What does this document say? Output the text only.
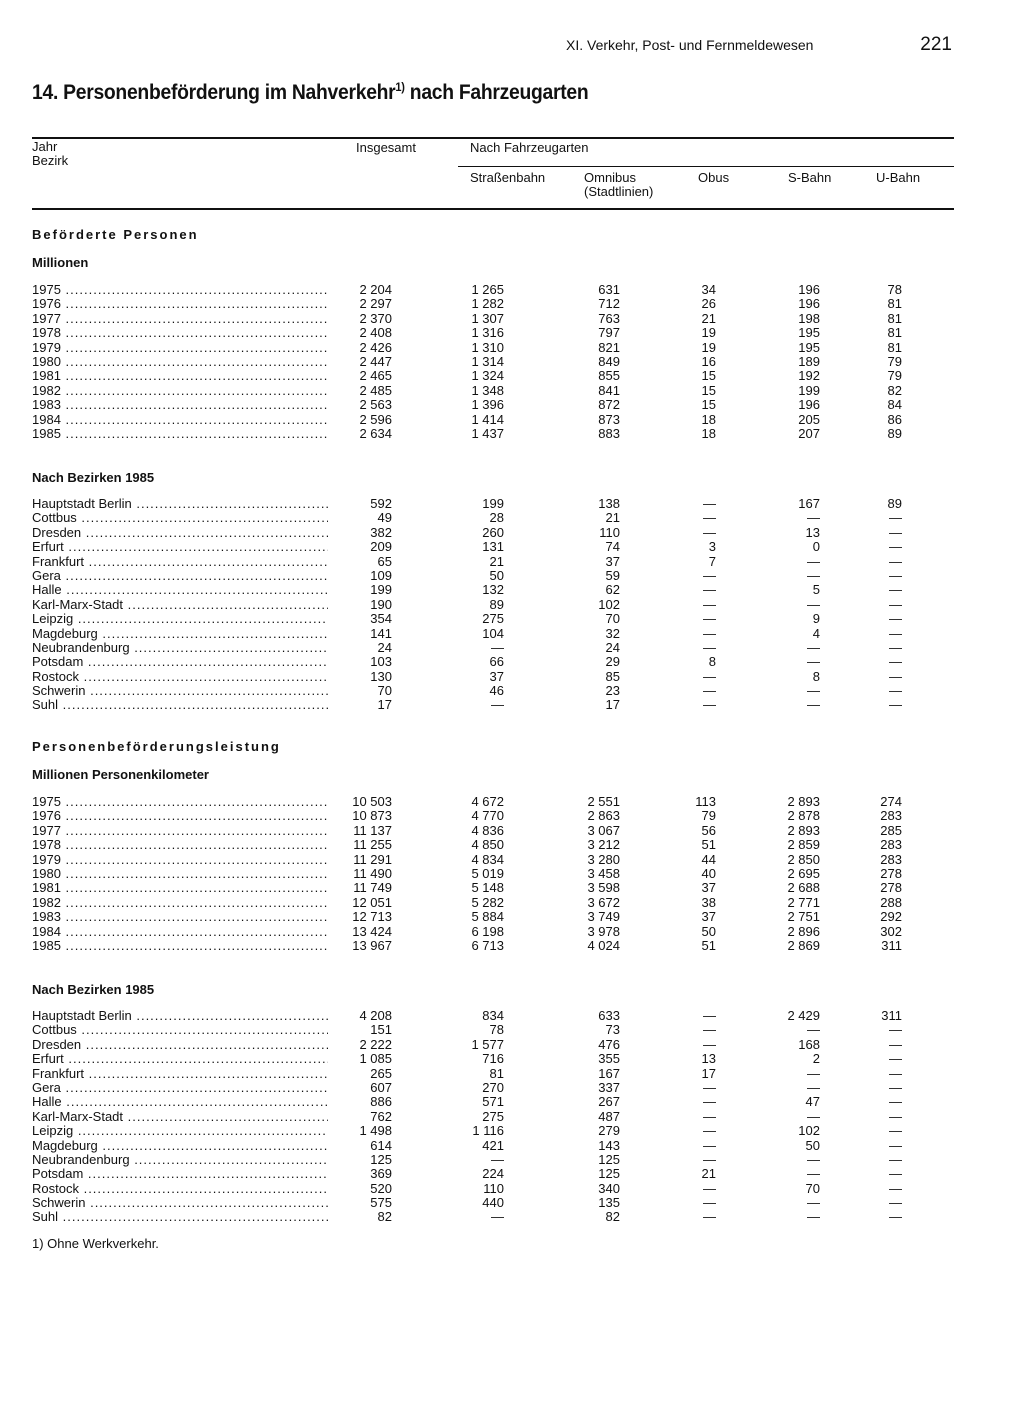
XI. Verkehr, Post- und Fernmeldewesen	221
14. Personenbeförderung im Nahverkehr$^{1)}$ nach Fahrzeugarten
Jahr
Bezirk
Insgesamt	Nach Fahrzeugarten
Straßenbahn	Omnibus
(Stadtlinien)
Obus	S-Bahn	U-Bahn
Beförderte Personen
Millionen
1975 .....	2 204	1 265	631	34	196	78
1976 .....	2 297	1 282	712	26	196	81
1977 .....	2 370	1 307	763	21	198	81
1978 .....	2 408	1 316	797	19	195	81
1979 .....	2 426	1 310	821	19	195	81
1980 .....	2 447	1 314	849	16	189	79
1981 .....	2 465	1 324	855	15	192	79
1982 .....	2 485	1 348	841	15	199	82
1983 .....	2 563	1 396	872	15	196	84
1984 .....	2 596	1 414	873	18	205	86
1985 .....	2 634	1 437	883	18	207	89
Nach Bezirken 1985
Hauptstadt Berlin .....	592	199	138	—	167	89
Cottbus .....	49	28	21	—	—	—
Dresden .....	382	260	110	—	13	—
Erfurt .....	209	131	74	3	0	—
Frankfurt .....	65	21	37	7	—	—
Gera .....	109	50	59	—	—	—
Halle .....	199	132	62	—	5	—
Karl-Marx-Stadt .....	190	89	102	—	—	—
Leipzig .....	354	275	70	—	9	—
Magdeburg .....	141	104	32	—	4	—
Neubrandenburg .....	24	—	24	—	—	—
Potsdam .....	103	66	29	8	—	—
Rostock .....	130	37	85	—	8	—
Schwerin .....	70	46	23	—	—	—
Suhl .....	17	—	17	—	—	—
Personenbeförderungsleistung
Millionen Personenkilometer
1975 .....	10 503	4 672	2 551	113	2 893	274
1976 .....	10 873	4 770	2 863	79	2 878	283
1977 .....	11 137	4 836	3 067	56	2 893	285
1978 .....	11 255	4 850	3 212	51	2 859	283
1979 .....	11 291	4 834	3 280	44	2 850	283
1980 .....	11 490	5 019	3 458	40	2 695	278
1981 .....	11 749	5 148	3 598	37	2 688	278
1982 .....	12 051	5 282	3 672	38	2 771	288
1983 .....	12 713	5 884	3 749	37	2 751	292
1984 .....	13 424	6 198	3 978	50	2 896	302
1985 .....	13 967	6 713	4 024	51	2 869	311
Nach Bezirken 1985
Hauptstadt Berlin .....	4 208	834	633	—	2 429	311
Cottbus .....	151	78	73	—	—	—
Dresden .....	2 222	1 577	476	—	168	—
Erfurt .....	1 085	716	355	13	2	—
Frankfurt .....	265	81	167	17	—	—
Gera .....	607	270	337	—	—	—
Halle .....	886	571	267	—	47	—
Karl-Marx-Stadt .....	762	275	487	—	—	—
Leipzig .....	1 498	1 116	279	—	102	—
Magdeburg .....	614	421	143	—	50	—
Neubrandenburg .....	125	—	125	—	—	—
Potsdam .....	369	224	125	21	—	—
Rostock .....	520	110	340	—	70	—
Schwerin .....	575	440	135	—	—	—
Suhl .....	82	—	82	—	—	—
1) Ohne Werkverkehr.
